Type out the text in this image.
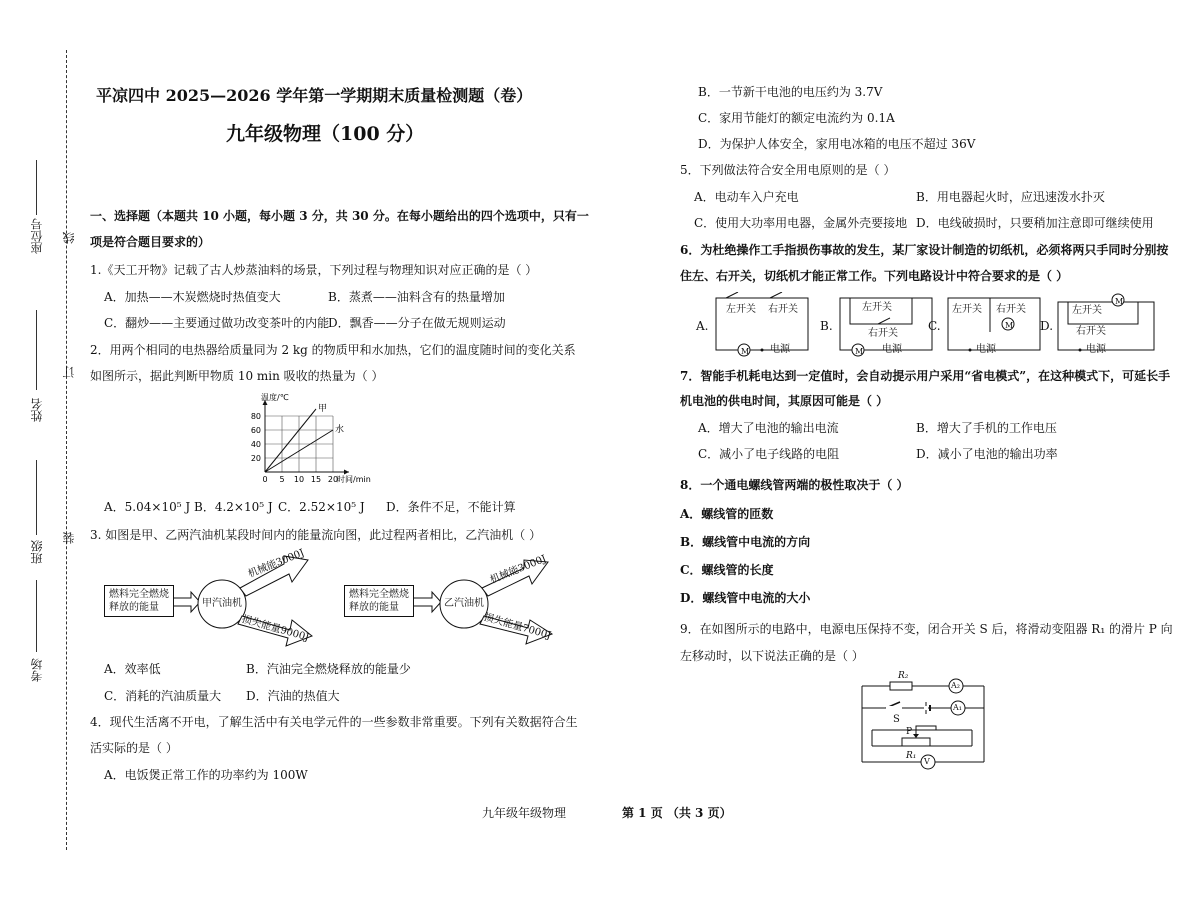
座位号 线
姓名
订
班级
装
考场
平凉四中 2025—2026 学年第一学期期末质量检测题（卷）
九年级物理（100 分）
一、选择题（本题共 10 小题，每小题 3 分，共 30 分。在每小题给出的四个选项中，只有一
项是符合题目要求的）
1.《天工开物》记载了古人炒蒸油料的场景，下列过程与物理知识对应正确的是（ ）
A．加热——木炭燃烧时热值变大	B．蒸煮——油料含有的热量增加
C．翻炒——主要通过做功改变茶叶的内能
D．飘香——分子在做无规则运动
2．用两个相同的电热器给质量同为 2 kg 的物质甲和水加热，它们的温度随时间的变化关系
如图所示，据此判断甲物质 10 min 吸收的热量为（ ）
0 5 10 15 20
20
40
60
80
时间/min
温度/℃
甲
水
A．5.04×10⁵ J B．4.2×10⁵ J C．2.52×10⁵ J D．条件不足，不能计算
3. 如图是甲、乙两汽油机某段时间内的能量流向图，此过程两者相比，乙汽油机（ ）
燃料完全燃烧
释放的能量	甲汽油机
机械能3000J
损失能量9000J
燃料完全燃烧
释放的能量	乙汽油机
机械能3000J
损失能量7000J
A．效率低	B．汽油完全燃烧释放的能量少
C．消耗的汽油质量大 D．汽油的热值大
4．现代生活离不开电，了解生活中有关电学元件的一些参数非常重要。下列有关数据符合生
活实际的是（ ）
A．电饭煲正常工作的功率约为 100W
B．一节新干电池的电压约为 3.7V
C．家用节能灯的额定电流约为 0.1A
D．为保护人体安全，家用电冰箱的电压不超过 36V
5．下列做法符合安全用电原则的是（ ）
A．电动车入户充电	B．用电器起火时，应迅速泼水扑灭
C．使用大功率用电器，金属外壳要接地 D．电线破损时，只要稍加注意即可继续使用
6．为杜绝操作工手指损伤事故的发生，某厂家设计制造的切纸机，必须将两只手同时分别按
住左、右开关，切纸机才能正常工作。下列电路设计中符合要求的是（ ）
A.
左开关 右开关
M 电源
B.
左开关
右开关
M 电源
C.
左开关 右开关
M
电源
D.
左开关
右开关
M
电源
7．智能手机耗电达到一定值时，会自动提示用户采用“省电模式”，在这种模式下，可延长手
机电池的供电时间，其原因可能是（ ）
A．增大了电池的输出电流	B．增大了手机的工作电压
C．减小了电子线路的电阻	D．减小了电池的输出功率
8．一个通电螺线管两端的极性取决于（ ）
A．螺线管的匝数
B．螺线管中电流的方向
C．螺线管的长度
D．螺线管中电流的大小
9．在如图所示的电路中，电源电压保持不变，闭合开关 S 后，将滑动变阻器 R₁ 的滑片 P 向
左移动时，以下说法正确的是（ ）
R₂
A₂
S
A₁
P
R₁
V
九年级年级物理	第 1 页 （共 3 页）
